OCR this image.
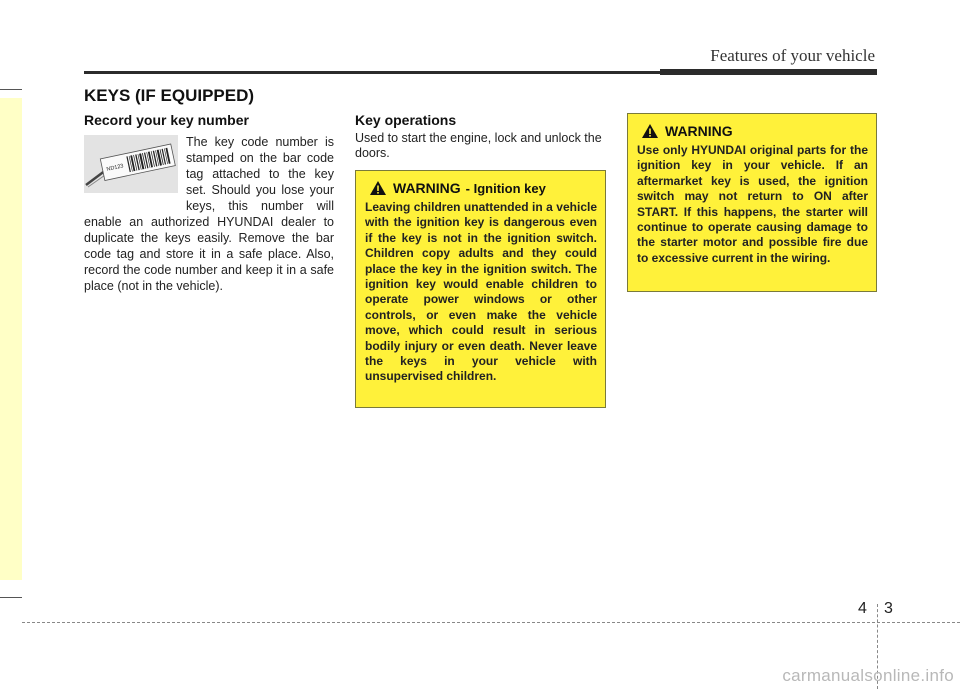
Features of your vehicle
KEYS (IF EQUIPPED)
Record your key number
ND123
The key code number is stamped on the bar code tag attached to the key set. Should you lose your keys, this number will enable an authorized HYUNDAI dealer to duplicate the keys easily. Remove the bar code tag and store it in a safe place. Also, record the code number and keep it in a safe place (not in the vehicle).
Key operations
Used to start the engine, lock and unlock the doors.
WARNING - Ignition key
Leaving children unattended in a vehicle with the ignition key is dangerous even if the key is not in the ignition switch. Children copy adults and they could place the key in the ignition switch. The ignition key would enable children to operate power windows or other controls, or even make the vehicle move, which could result in serious bodily injury or even death. Never leave the keys in your vehicle with unsupervised children.
WARNING
Use only HYUNDAI original parts for the ignition key in your vehicle. If an aftermarket key is used, the ignition switch may not return to ON after START. If this happens, the starter will continue to operate causing damage to the starter motor and possible fire due to excessive current in the wiring.
4 3
carmanualsonline.info
